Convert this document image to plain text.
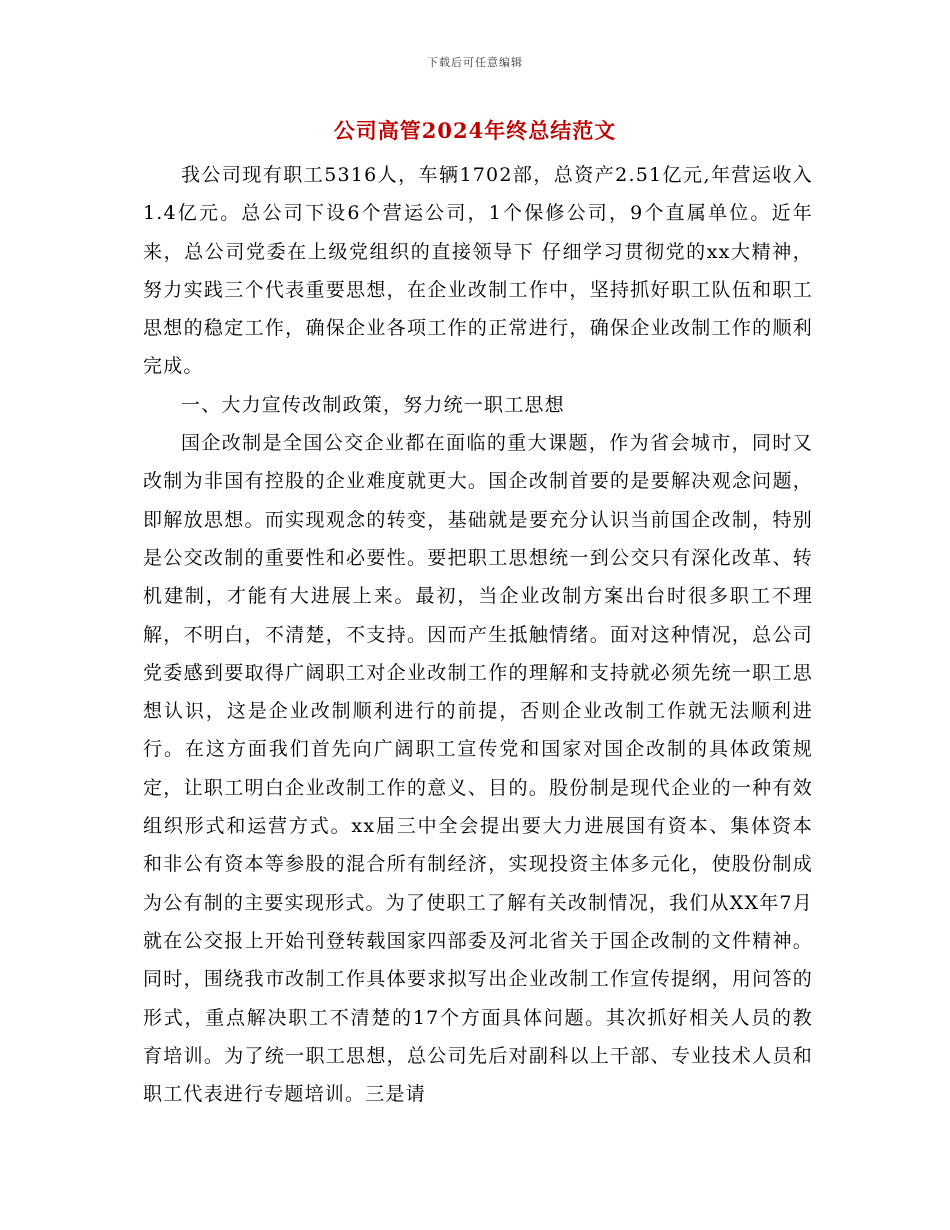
下载后可任意编辑
公司高管2024年终总结范文

我公司现有职工5316人，车辆1702部，总资产2.51亿元,年营运收入1.4亿元。总公司下设6个营运公司，1个保修公司，9个直属单位。近年来，总公司党委在上级党组织的直接领导下 仔细学习贯彻党的xx大精神，努力实践三个代表重要思想，在企业改制工作中，坚持抓好职工队伍和职工思想的稳定工作，确保企业各项工作的正常进行，确保企业改制工作的顺利完成。

一、大力宣传改制政策，努力统一职工思想

国企改制是全国公交企业都在面临的重大课题，作为省会城市，同时又改制为非国有控股的企业难度就更大。国企改制首要的是要解决观念问题，即解放思想。而实现观念的转变，基础就是要充分认识当前国企改制，特别是公交改制的重要性和必要性。要把职工思想统一到公交只有深化改革、转机建制，才能有大进展上来。最初，当企业改制方案出台时很多职工不理解，不明白，不清楚，不支持。因而产生抵触情绪。面对这种情况，总公司党委感到要取得广阔职工对企业改制工作的理解和支持就必须先统一职工思想认识，这是企业改制顺利进行的前提，否则企业改制工作就无法顺利进行。在这方面我们首先向广阔职工宣传党和国家对国企改制的具体政策规定，让职工明白企业改制工作的意义、目的。股份制是现代企业的一种有效组织形式和运营方式。xx届三中全会提出要大力进展国有资本、集体资本和非公有资本等参股的混合所有制经济，实现投资主体多元化，使股份制成为公有制的主要实现形式。为了使职工了解有关改制情况，我们从XX年7月就在公交报上开始刊登转载国家四部委及河北省关于国企改制的文件精神。同时，围绕我市改制工作具体要求拟写出企业改制工作宣传提纲，用问答的形式，重点解决职工不清楚的17个方面具体问题。其次抓好相关人员的教育培训。为了统一职工思想，总公司先后对副科以上干部、专业技术人员和职工代表进行专题培训。三是请
